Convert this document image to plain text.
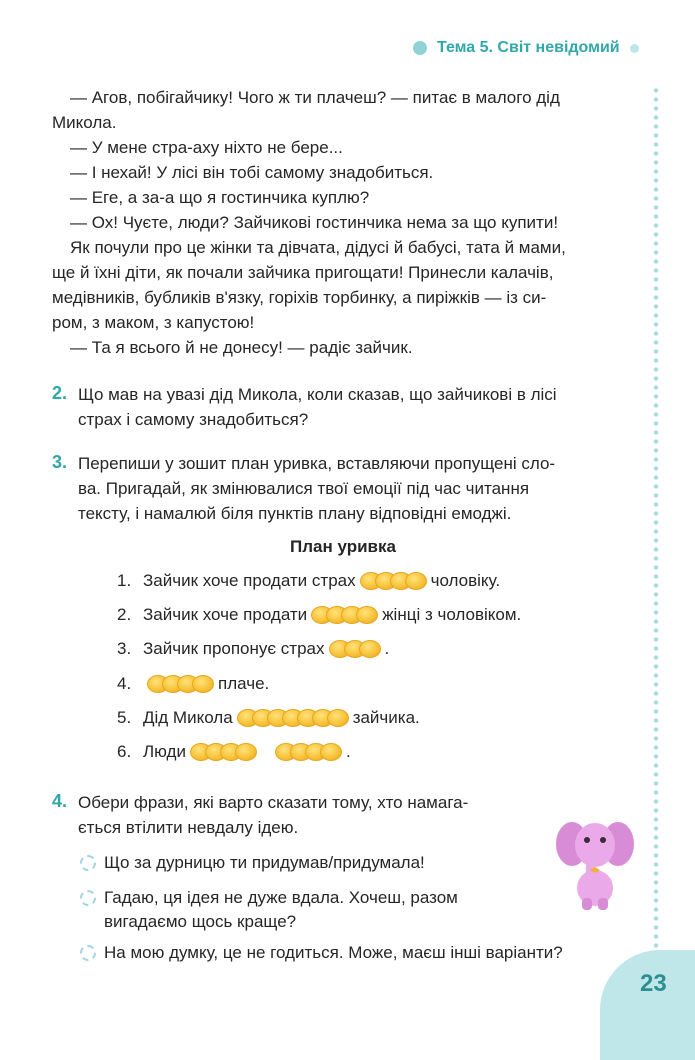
Тема 5. Світ невідомий
— Агов, побігайчику! Чого ж ти плачеш? — питає в малого дід
Микола.
— У мене стра-аху ніхто не бере...
— І нехай! У лісі він тобі самому знадобиться.
— Еге, а за-а що я гостинчика куплю?
— Ох! Чуєте, люди? Зайчикові гостинчика нема за що купити!
Як почули про це жінки та дівчата, дідусі й бабусі, тата й мами,
ще й їхні діти, як почали зайчика пригощати! Принесли калачів,
медівників, бубликів в'язку, горіхів торбинку, а пиріжків — із си-
ром, з маком, з капустою!
— Та я всього й не донесу! — радіє зайчик.
2. Що мав на увазі дід Микола, коли сказав, що зайчикові в лісі
страх і самому знадобиться?
3. Перепиши у зошит план уривка, вставляючи пропущені сло-
ва. Пригадай, як змінювалися твої емоції під час читання
тексту, і намалюй біля пунктів плану відповідні емоджі.
План уривка
1. Зайчик хоче продати страх	чоловіку.
2. Зайчик хоче продати	жінці з чоловіком.
3. Зайчик пропонує страх	.
4.	плаче.
5. Дід Микола	зайчика.
6. Люди	.
4. Обери фрази, які варто сказати тому, хто намага-
ється втілити невдалу ідею.
Що за дурницю ти придумав/придумала!
Гадаю, ця ідея не дуже вдала. Хочеш, разом
вигадаємо щось краще?
На мою думку, це не годиться. Може, маєш інші варіанти?
23
